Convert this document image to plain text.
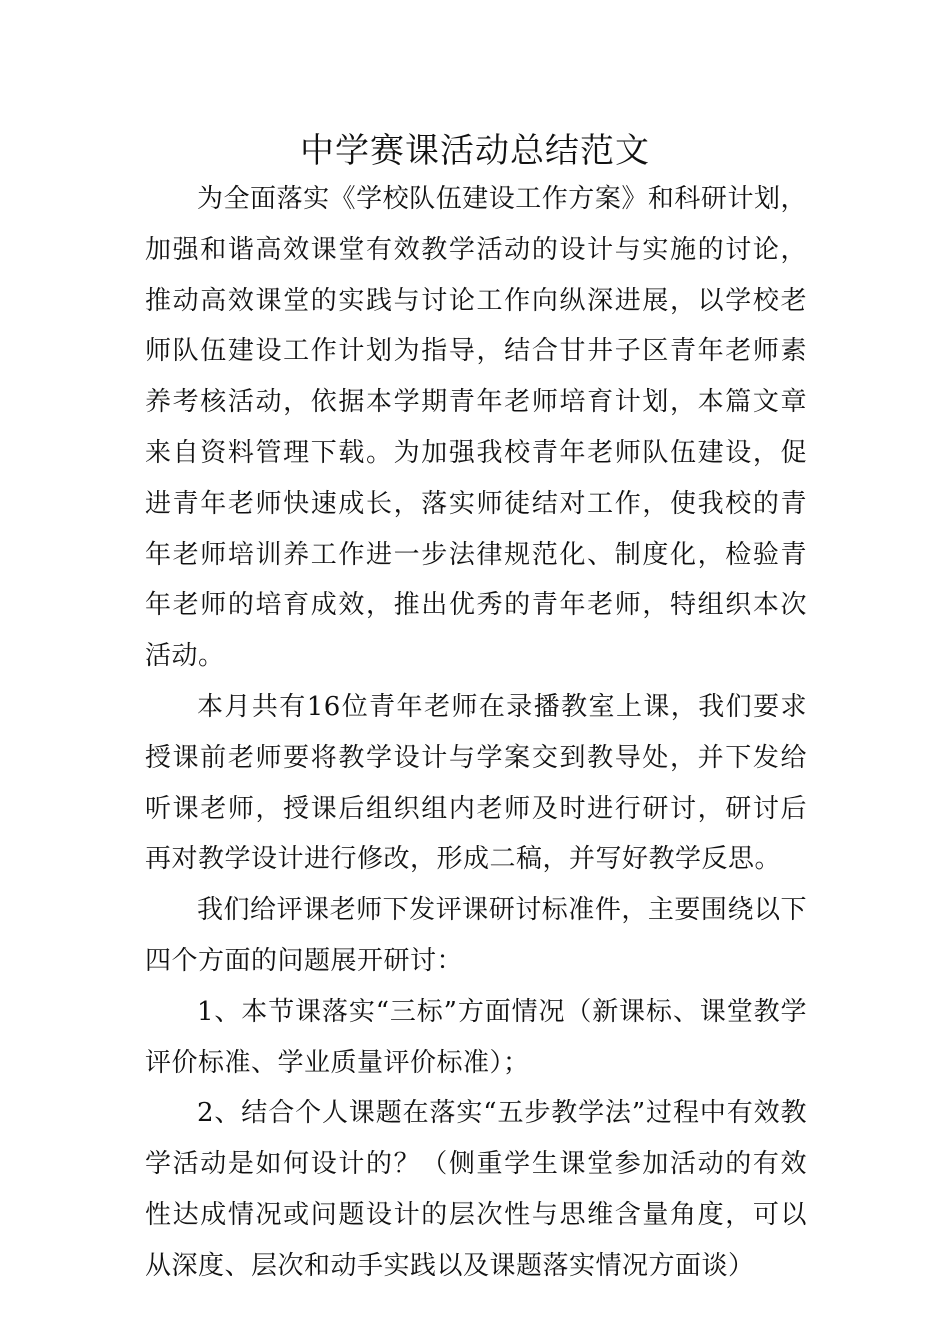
中学赛课活动总结范文

为全面落实《学校队伍建设工作方案》和科研计划，加强和谐高效课堂有效教学活动的设计与实施的讨论，推动高效课堂的实践与讨论工作向纵深进展，以学校老师队伍建设工作计划为指导，结合甘井子区青年老师素养考核活动，依据本学期青年老师培育计划，本篇文章来自资料管理下载。为加强我校青年老师队伍建设，促进青年老师快速成长，落实师徒结对工作，使我校的青年老师培训养工作进一步法律规范化、制度化，检验青年老师的培育成效，推出优秀的青年老师，特组织本次活动。

本月共有16位青年老师在录播教室上课，我们要求授课前老师要将教学设计与学案交到教导处，并下发给听课老师，授课后组织组内老师及时进行研讨，研讨后再对教学设计进行修改，形成二稿，并写好教学反思。

我们给评课老师下发评课研讨标准件，主要围绕以下四个方面的问题展开研讨：

1、本节课落实“三标”方面情况（新课标、课堂教学评价标准、学业质量评价标准）；

2、结合个人课题在落实“五步教学法”过程中有效教学活动是如何设计的？（侧重学生课堂参加活动的有效性达成情况或问题设计的层次性与思维含量角度，可以从深度、层次和动手实践以及课题落实情况方面谈）
